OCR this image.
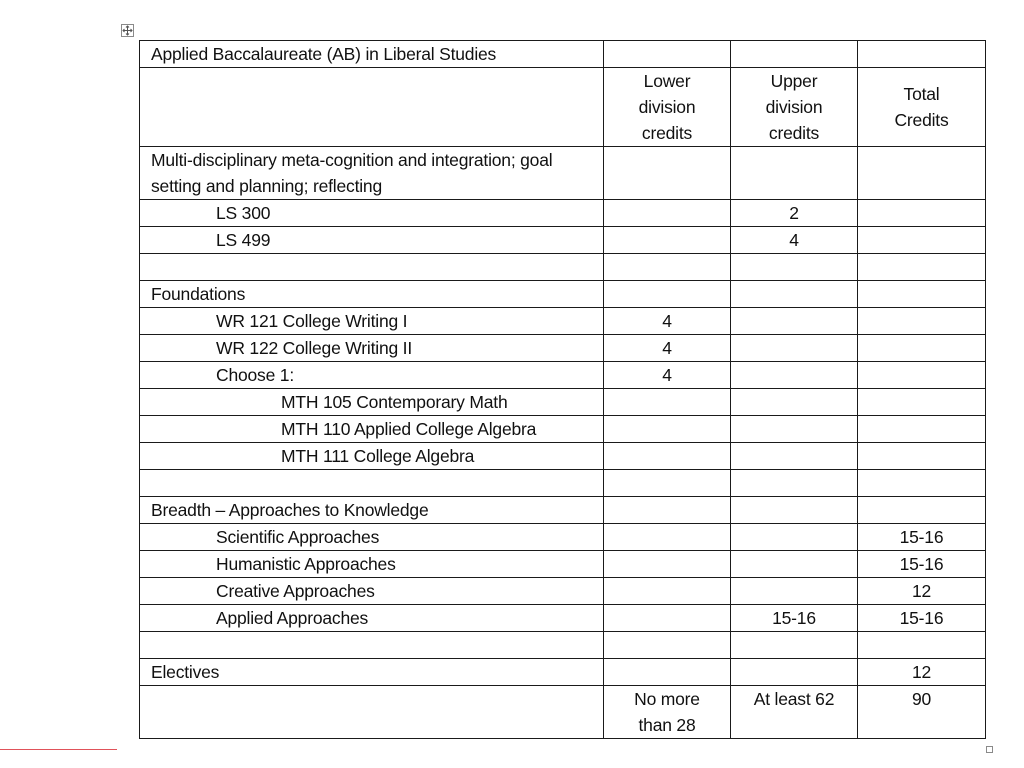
Applied Baccalaureate (AB) in Liberal Studies			

	Lower
division
credits	Upper
division
credits	Total
Credits

Multi-disciplinary meta-cognition and integration; goal setting and planning; reflecting			
LS 300		2	
LS 499		4	

Foundations			
WR 121 College Writing I	4		
WR 122 College Writing II	4		
Choose 1:	4		
MTH 105 Contemporary Math			
MTH 110 Applied College Algebra			
MTH 111 College Algebra			

Breadth – Approaches to Knowledge			
Scientific Approaches			15-16
Humanistic Approaches			15-16
Creative Approaches			12
Applied Approaches		15-16	15-16

Electives			12

	No more
than 28	At least 62	90
